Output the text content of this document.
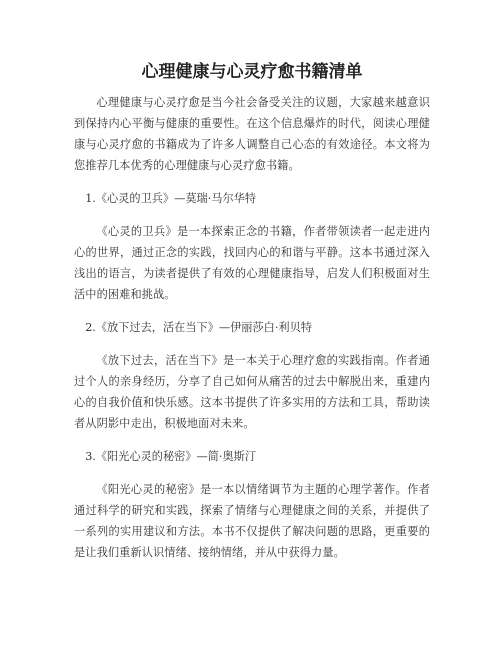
心理健康与心灵疗愈书籍清单

心理健康与心灵疗愈是当今社会备受关注的议题，大家越来越意识到保持内心平衡与健康的重要性。在这个信息爆炸的时代，阅读心理健康与心灵疗愈的书籍成为了许多人调整自己心态的有效途径。本文将为您推荐几本优秀的心理健康与心灵疗愈书籍。

1.《心灵的卫兵》—莫瑞·马尔华特

《心灵的卫兵》是一本探索正念的书籍，作者带领读者一起走进内心的世界，通过正念的实践，找回内心的和谐与平静。这本书通过深入浅出的语言，为读者提供了有效的心理健康指导，启发人们积极面对生活中的困难和挑战。

2.《放下过去，活在当下》—伊丽莎白·利贝特

《放下过去，活在当下》是一本关于心理疗愈的实践指南。作者通过个人的亲身经历，分享了自己如何从痛苦的过去中解脱出来，重建内心的自我价值和快乐感。这本书提供了许多实用的方法和工具，帮助读者从阴影中走出，积极地面对未来。

3.《阳光心灵的秘密》—简·奥斯汀

《阳光心灵的秘密》是一本以情绪调节为主题的心理学著作。作者通过科学的研究和实践，探索了情绪与心理健康之间的关系，并提供了一系列的实用建议和方法。本书不仅提供了解决问题的思路，更重要的是让我们重新认识情绪、接纳情绪，并从中获得力量。
